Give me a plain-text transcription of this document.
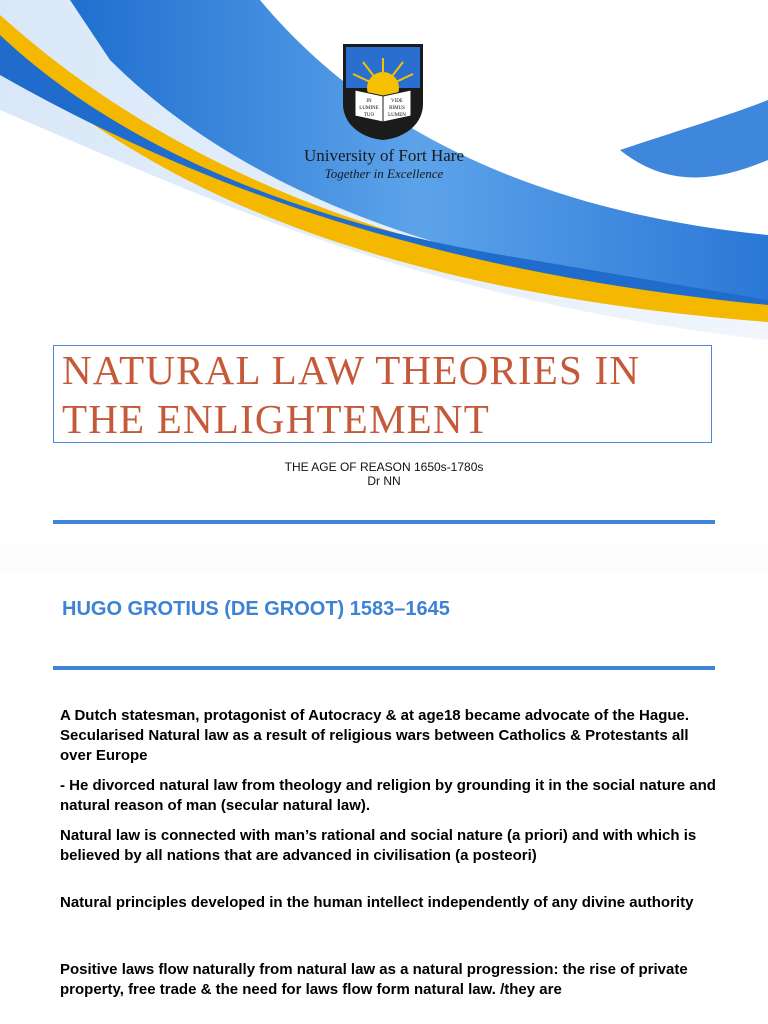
IN
LUMINE
TUO
VIDE
BIMUS
LUMEN
University of Fort Hare
Together in Excellence
NATURAL LAW THEORIES IN
THE ENLIGHTEMENT
THE AGE OF REASON 1650s-1780s
Dr NN
HUGO GROTIUS (DE GROOT) 1583–1645

A Dutch statesman, protagonist of Autocracy & at age18 became advocate of the Hague. Secularised Natural law as a result of religious wars between Catholics & Protestants all over Europe

- He divorced natural law from theology and religion by grounding it in the social nature and natural reason of man (secular natural law).

Natural law is connected with man’s rational and social nature (a priori) and with which is believed by all nations that are advanced in civilisation (a posteori)

Natural principles developed in the human intellect independently of any divine authority

Positive laws flow naturally from natural law as a natural progression: the rise of private property, free trade & the need for laws flow form natural law. /they are
